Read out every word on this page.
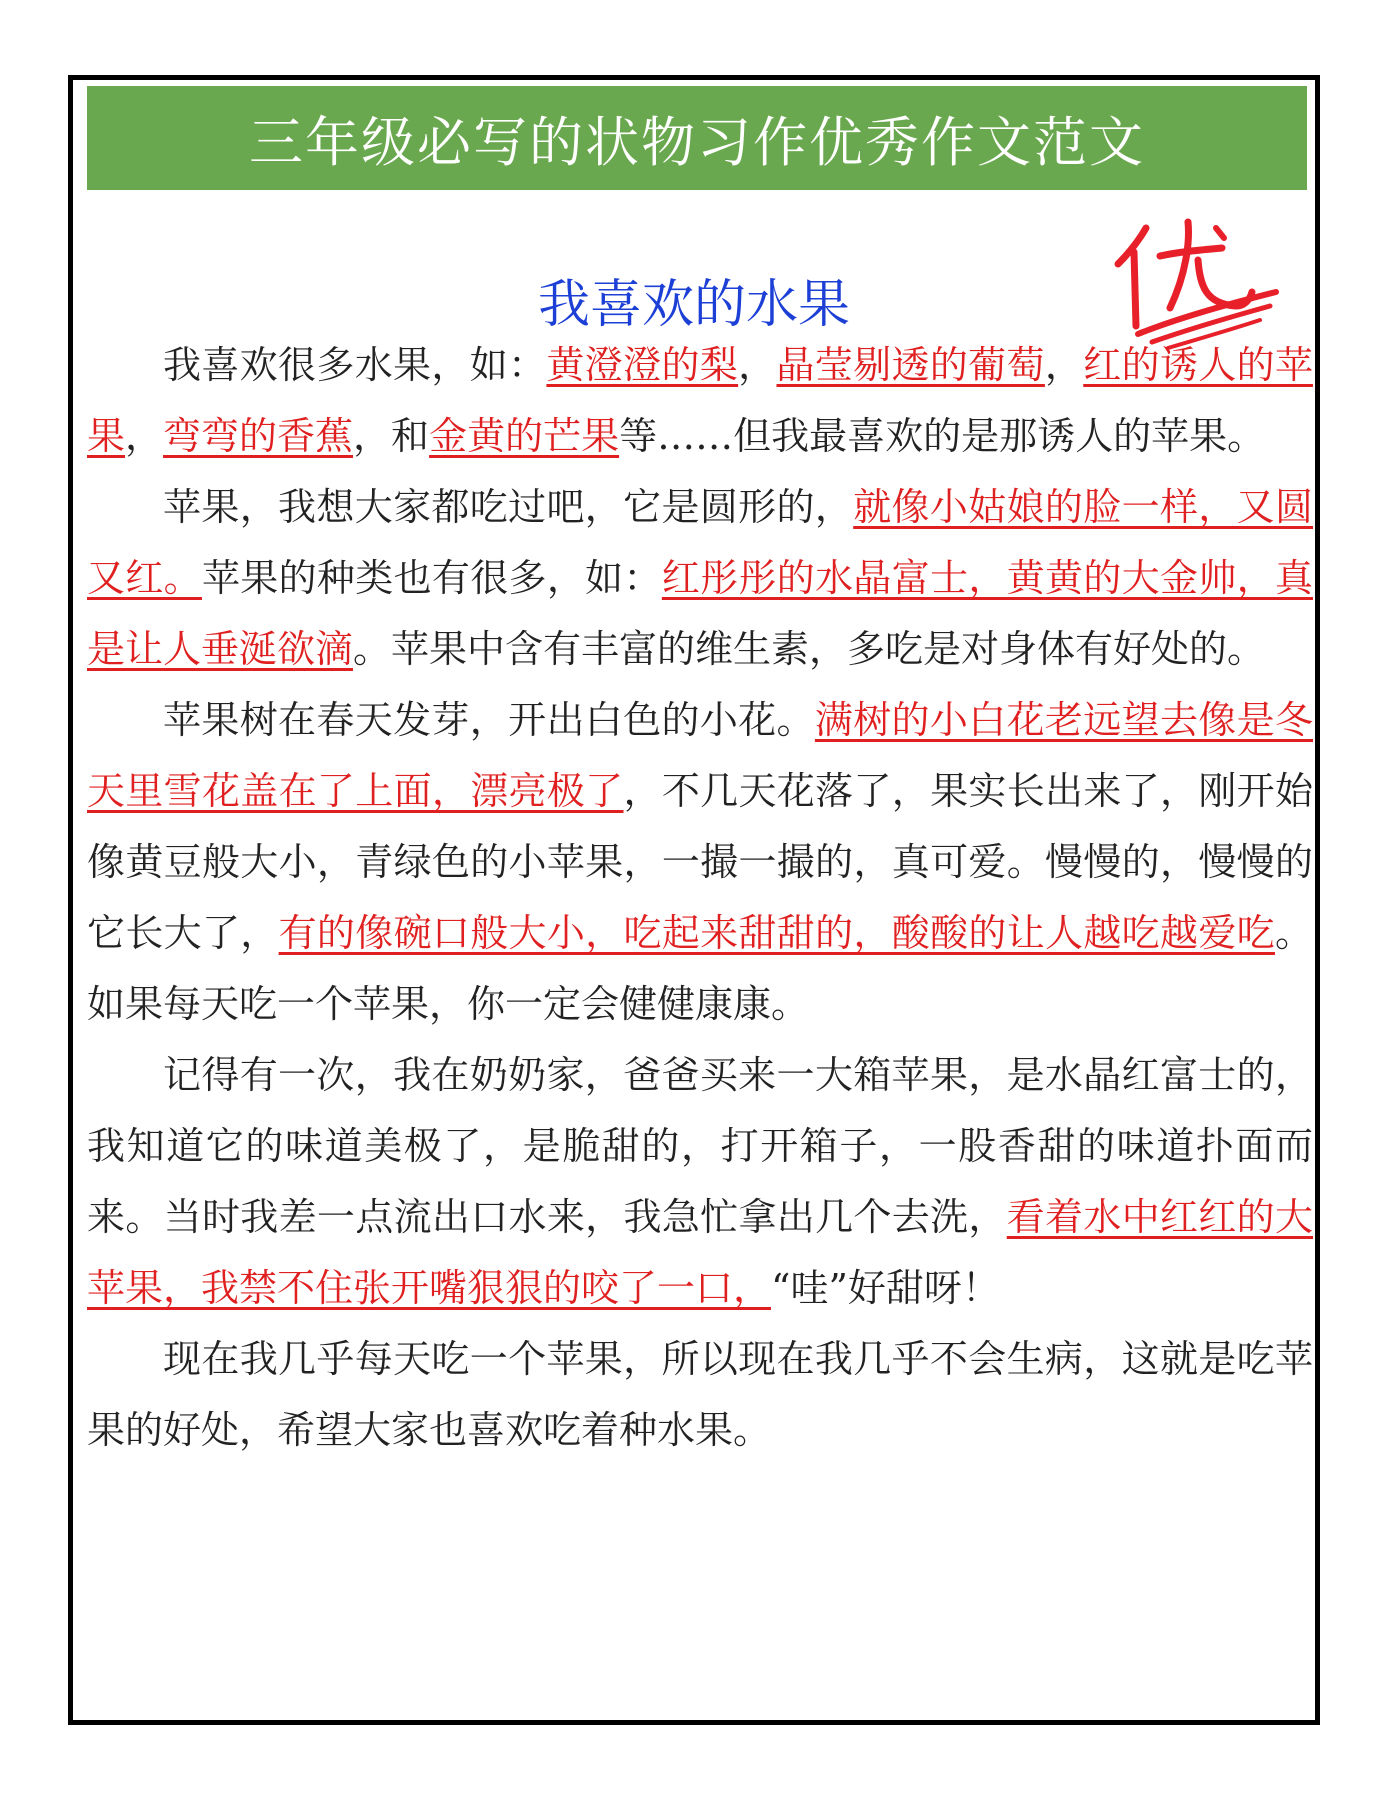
三年级必写的状物习作优秀作文范文
我喜欢的水果

我喜欢很多水果，如：黄澄澄的梨，晶莹剔透的葡萄，红的诱人的苹果，弯弯的香蕉，和金黄的芒果等……但我最喜欢的是那诱人的苹果。

苹果，我想大家都吃过吧，它是圆形的，就像小姑娘的脸一样，又圆又红。苹果的种类也有很多，如：红彤彤的水晶富士，黄黄的大金帅，真是让人垂涎欲滴。苹果中含有丰富的维生素，多吃是对身体有好处的。

苹果树在春天发芽，开出白色的小花。满树的小白花老远望去像是冬天里雪花盖在了上面，漂亮极了，不几天花落了，果实长出来了，刚开始像黄豆般大小，青绿色的小苹果，一撮一撮的，真可爱。慢慢的，慢慢的它长大了，有的像碗口般大小，吃起来甜甜的，酸酸的让人越吃越爱吃。如果每天吃一个苹果，你一定会健健康康。

记得有一次，我在奶奶家，爸爸买来一大箱苹果，是水晶红富士的，我知道它的味道美极了，是脆甜的，打开箱子，一股香甜的味道扑面而来。当时我差一点流出口水来，我急忙拿出几个去洗，看着水中红红的大苹果，我禁不住张开嘴狠狠的咬了一口，“哇”好甜呀！

现在我几乎每天吃一个苹果，所以现在我几乎不会生病，这就是吃苹果的好处，希望大家也喜欢吃着种水果。
